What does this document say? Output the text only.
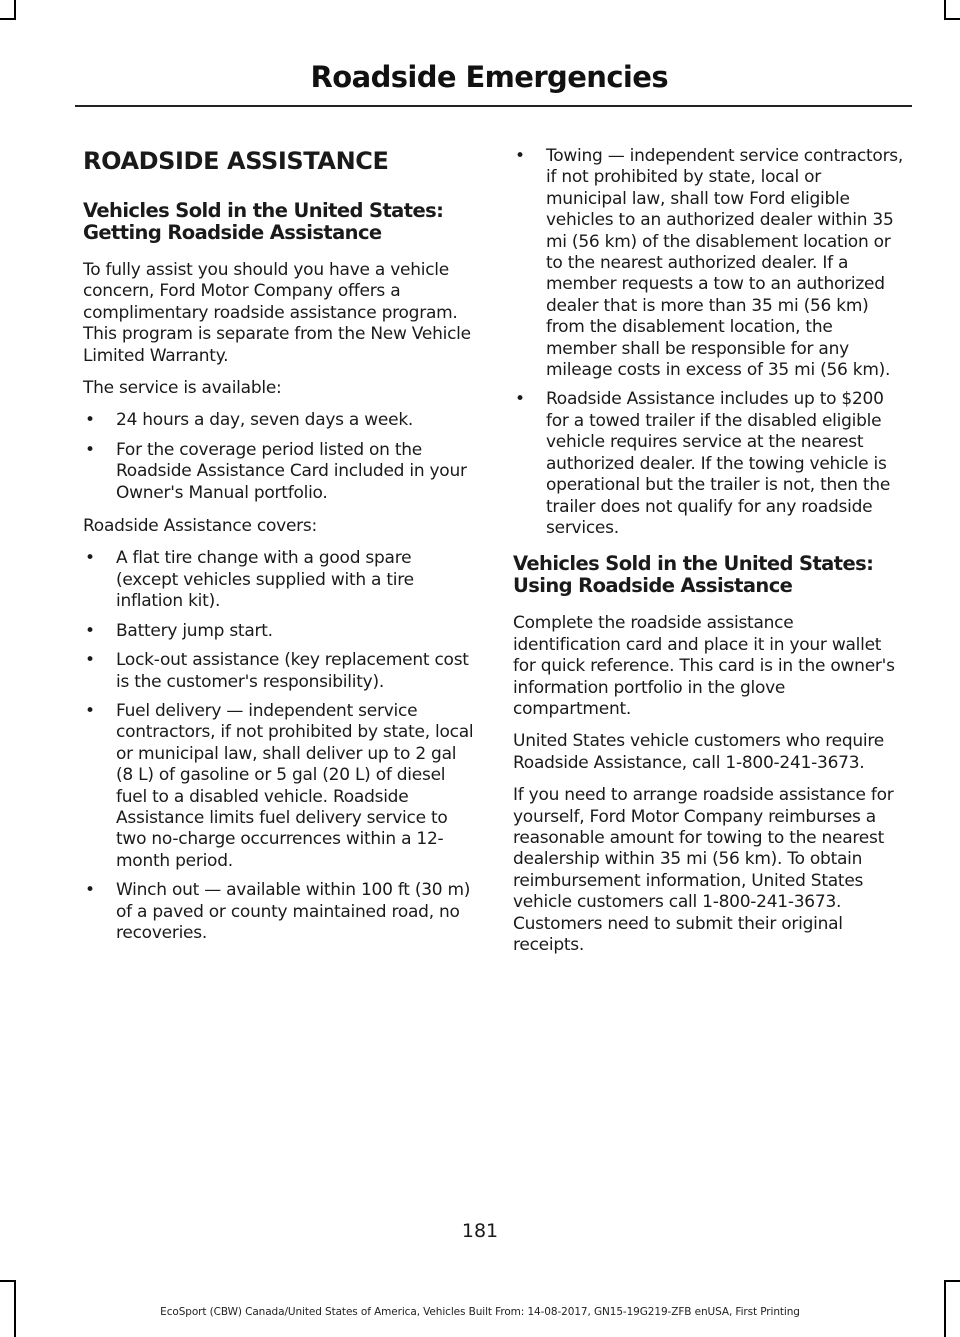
Roadside Emergencies
ROADSIDE ASSISTANCE
Vehicles Sold in the United States:
Getting Roadside Assistance

To fully assist you should you have a vehicle concern, Ford Motor Company offers a complimentary roadside assistance program. This program is separate from the New Vehicle Limited Warranty.

The service is available:

• 24 hours a day, seven days a week.
• For the coverage period listed on the Roadside Assistance Card included in your Owner's Manual portfolio.

Roadside Assistance covers:

• A flat tire change with a good spare (except vehicles supplied with a tire inflation kit).
• Battery jump start.
• Lock-out assistance (key replacement cost is the customer's responsibility).
• Fuel delivery — independent service contractors, if not prohibited by state, local or municipal law, shall deliver up to 2 gal (8 L) of gasoline or 5 gal (20 L) of diesel fuel to a disabled vehicle. Roadside Assistance limits fuel delivery service to two no-charge occurrences within a 12-month period.
• Winch out — available within 100 ft (30 m) of a paved or county maintained road, no recoveries.
• Towing — independent service contractors, if not prohibited by state, local or municipal law, shall tow Ford eligible vehicles to an authorized dealer within 35 mi (56 km) of the disablement location or to the nearest authorized dealer. If a member requests a tow to an authorized dealer that is more than 35 mi (56 km) from the disablement location, the member shall be responsible for any mileage costs in excess of 35 mi (56 km).
• Roadside Assistance includes up to $200 for a towed trailer if the disabled eligible vehicle requires service at the nearest authorized dealer. If the towing vehicle is operational but the trailer is not, then the trailer does not qualify for any roadside services.
Vehicles Sold in the United States:
Using Roadside Assistance

Complete the roadside assistance identification card and place it in your wallet for quick reference. This card is in the owner's information portfolio in the glove compartment.

United States vehicle customers who require Roadside Assistance, call 1-800-241-3673.

If you need to arrange roadside assistance for yourself, Ford Motor Company reimburses a reasonable amount for towing to the nearest dealership within 35 mi (56 km). To obtain reimbursement information, United States vehicle customers call 1-800-241-3673. Customers need to submit their original receipts.

181
EcoSport (CBW) Canada/United States of America, Vehicles Built From: 14-08-2017, GN15-19G219-ZFB enUSA, First Printing
